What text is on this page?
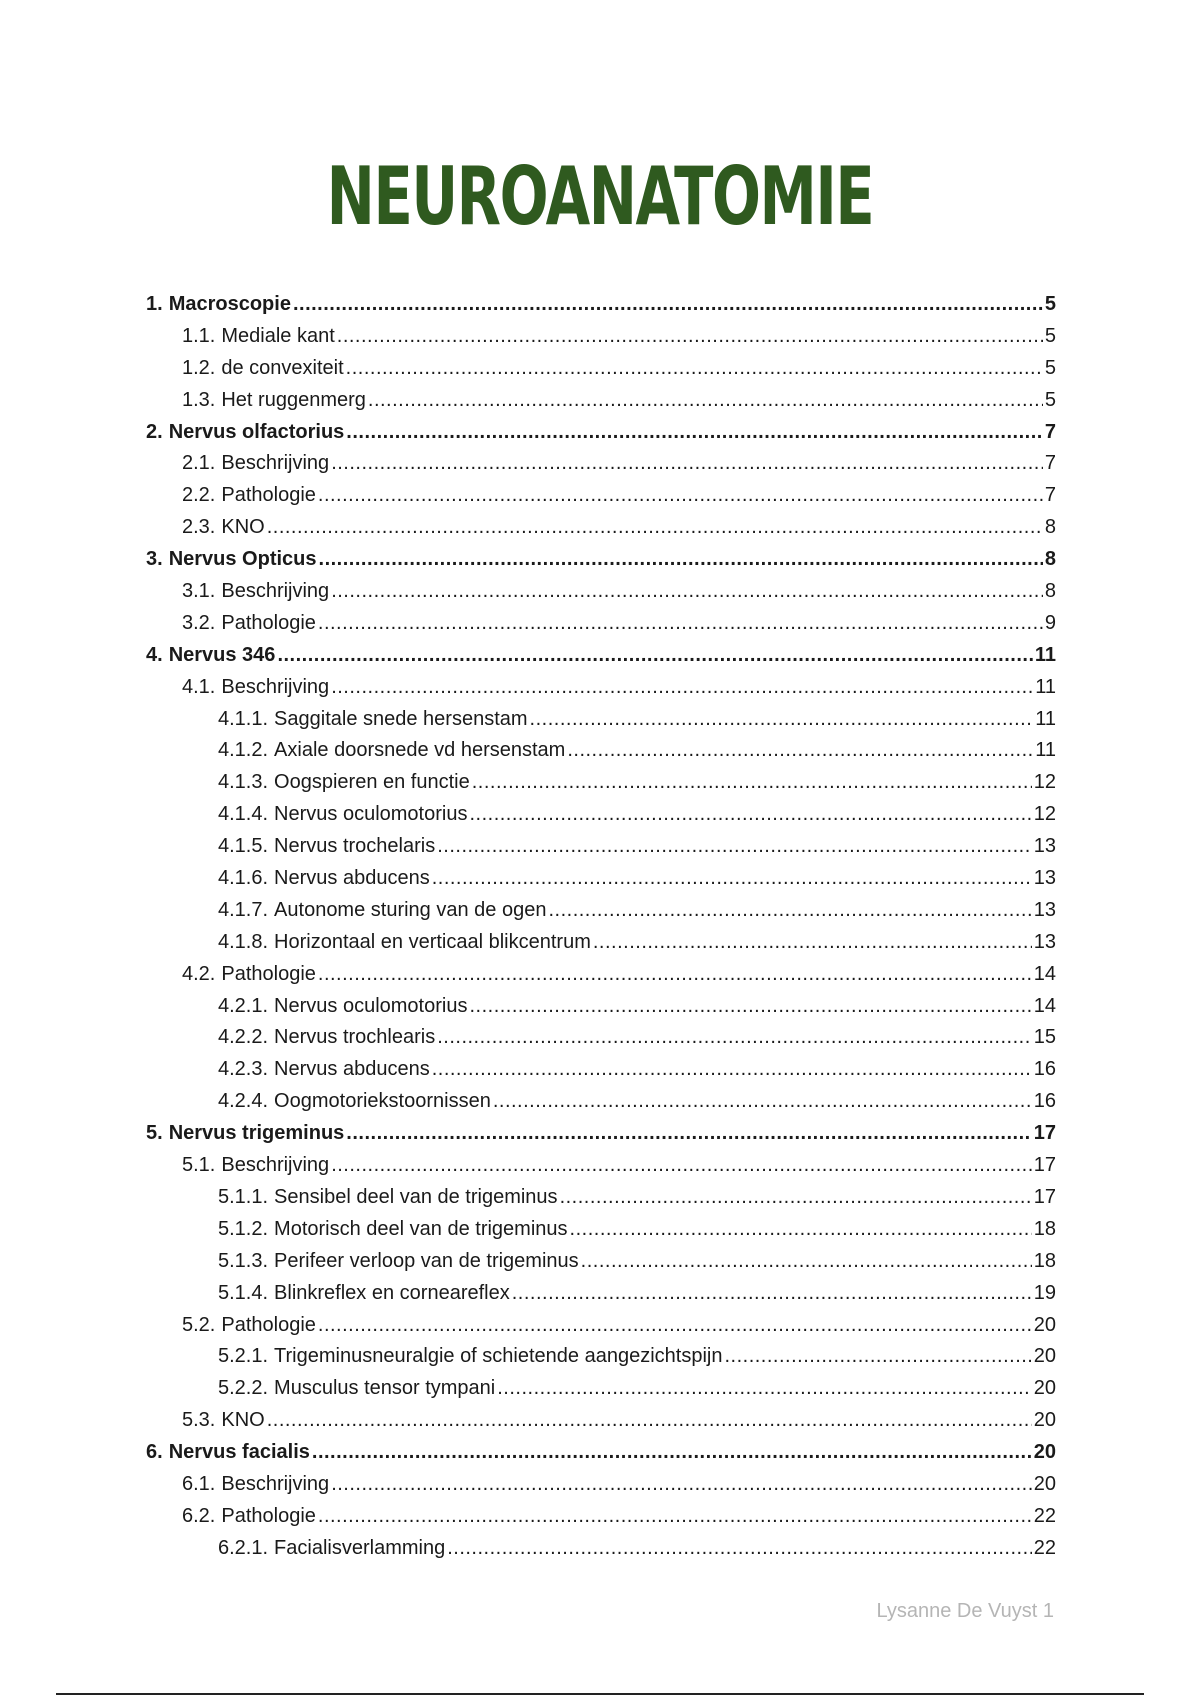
NEUROANATOMIE
1. Macroscopie .....	5
1.1. Mediale kant .....	5
1.2. de convexiteit .....	5
1.3. Het ruggenmerg .....	5
2. Nervus olfactorius .....	7
2.1. Beschrijving .....	7
2.2. Pathologie .....	7
2.3. KNO .....	8
3. Nervus Opticus .....	8
3.1. Beschrijving .....	8
3.2. Pathologie .....	9
4. Nervus 346 .....	11
4.1. Beschrijving .....	11
4.1.1. Saggitale snede hersenstam .....	11
4.1.2. Axiale doorsnede vd hersenstam .....	11
4.1.3. Oogspieren en functie .....	12
4.1.4. Nervus oculomotorius .....	12
4.1.5. Nervus trochelaris .....	13
4.1.6. Nervus abducens .....	13
4.1.7. Autonome sturing van de ogen .....	13
4.1.8. Horizontaal en verticaal blikcentrum .....	13
4.2. Pathologie .....	14
4.2.1. Nervus oculomotorius .....	14
4.2.2. Nervus trochlearis .....	15
4.2.3. Nervus abducens .....	16
4.2.4. Oogmotoriekstoornissen .....	16
5. Nervus trigeminus .....	17
5.1. Beschrijving .....	17
5.1.1. Sensibel deel van de trigeminus .....	17
5.1.2. Motorisch deel van de trigeminus .....	18
5.1.3. Perifeer verloop van de trigeminus .....	18
5.1.4. Blinkreflex en corneareflex .....	19
5.2. Pathologie .....	20
5.2.1. Trigeminusneuralgie of schietende aangezichtspijn .....	20
5.2.2. Musculus tensor tympani .....	20
5.3. KNO .....	20
6. Nervus facialis .....	20
6.1. Beschrijving .....	20
6.2. Pathologie .....	22
6.2.1. Facialisverlamming .....	22
Lysanne De Vuyst 1
